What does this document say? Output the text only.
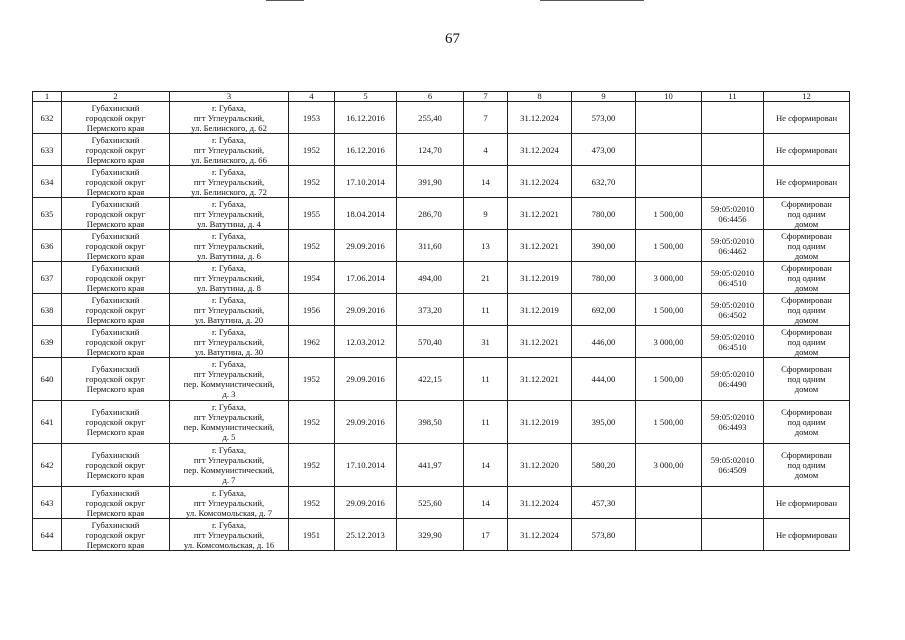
67
1	2	3	4	5	6	7	8	9	10	11	12
632	Губахинский
городской округ
Пермского края	г. Губаха,
пгт Углеуральский,
ул. Белинского, д. 62	1953	16.12.2016	255,40	7	31.12.2024	573,00			Не сформирован

633	Губахинский
городской округ
Пермского края	г. Губаха,
пгт Углеуральский,
ул. Белинского, д. 66	1952	16.12.2016	124,70	4	31.12.2024	473,00			Не сформирован

634	Губахинский
городской округ
Пермского края	г. Губаха,
пгт Углеуральский,
ул. Белинского, д. 72	1952	17.10.2014	391,90	14	31.12.2024	632,70			Не сформирован

635	Губахинский
городской округ
Пермского края	г. Губаха,
пгт Углеуральский,
ул. Ватутина, д. 4	1955	18.04.2014	286,70	9	31.12.2021	780,00	1 500,00	59:05:02010
06:4456	Сформирован
под одним
домом

636	Губахинский
городской округ
Пермского края	г. Губаха,
пгт Углеуральский,
ул. Ватутина, д. 6	1952	29.09.2016	311,60	13	31.12.2021	390,00	1 500,00	59:05:02010
06:4462	Сформирован
под одним
домом

637	Губахинский
городской округ
Пермского края	г. Губаха,
пгт Углеуральский,
ул. Ватутина, д. 8	1954	17.06.2014	494,00	21	31.12.2019	780,00	3 000,00	59:05:02010
06:4510	Сформирован
под одним
домом

638	Губахинский
городской округ
Пермского края	г. Губаха,
пгт Углеуральский,
ул. Ватутина, д. 20	1956	29.09.2016	373,20	11	31.12.2019	692,00	1 500,00	59:05:02010
06:4502	Сформирован
под одним
домом

639	Губахинский
городской округ
Пермского края	г. Губаха,
пгт Углеуральский,
ул. Ватутина, д. 30	1962	12.03.2012	570,40	31	31.12.2021	446,00	3 000,00	59:05:02010
06:4510	Сформирован
под одним
домом

640	Губахинский
городской округ
Пермского края	г. Губаха,
пгт Углеуральский,
пер. Коммунистический,
д. 3	1952	29.09.2016	422,15	11	31.12.2021	444,00	1 500,00	59:05:02010
06:4490	Сформирован
под одним
домом

641	Губахинский
городской округ
Пермского края	г. Губаха,
пгт Углеуральский,
пер. Коммунистический,
д. 5	1952	29.09.2016	398,50	11	31.12.2019	395,00	1 500,00	59:05:02010
06:4493	Сформирован
под одним
домом

642	Губахинский
городской округ
Пермского края	г. Губаха,
пгт Углеуральский,
пер. Коммунистический,
д. 7	1952	17.10.2014	441,97	14	31.12.2020	580,20	3 000,00	59:05:02010
06:4509	Сформирован
под одним
домом

643	Губахинский
городской округ
Пермского края	г. Губаха,
пгт Углеуральский,
ул. Комсомольская, д. 7	1952	29.09.2016	525,60	14	31.12.2024	457,30			Не сформирован

644	Губахинский
городской округ
Пермского края	г. Губаха,
пгт Углеуральский,
ул. Комсомольская, д. 16	1951	25.12.2013	329,90	17	31.12.2024	573,80			Не сформирован
